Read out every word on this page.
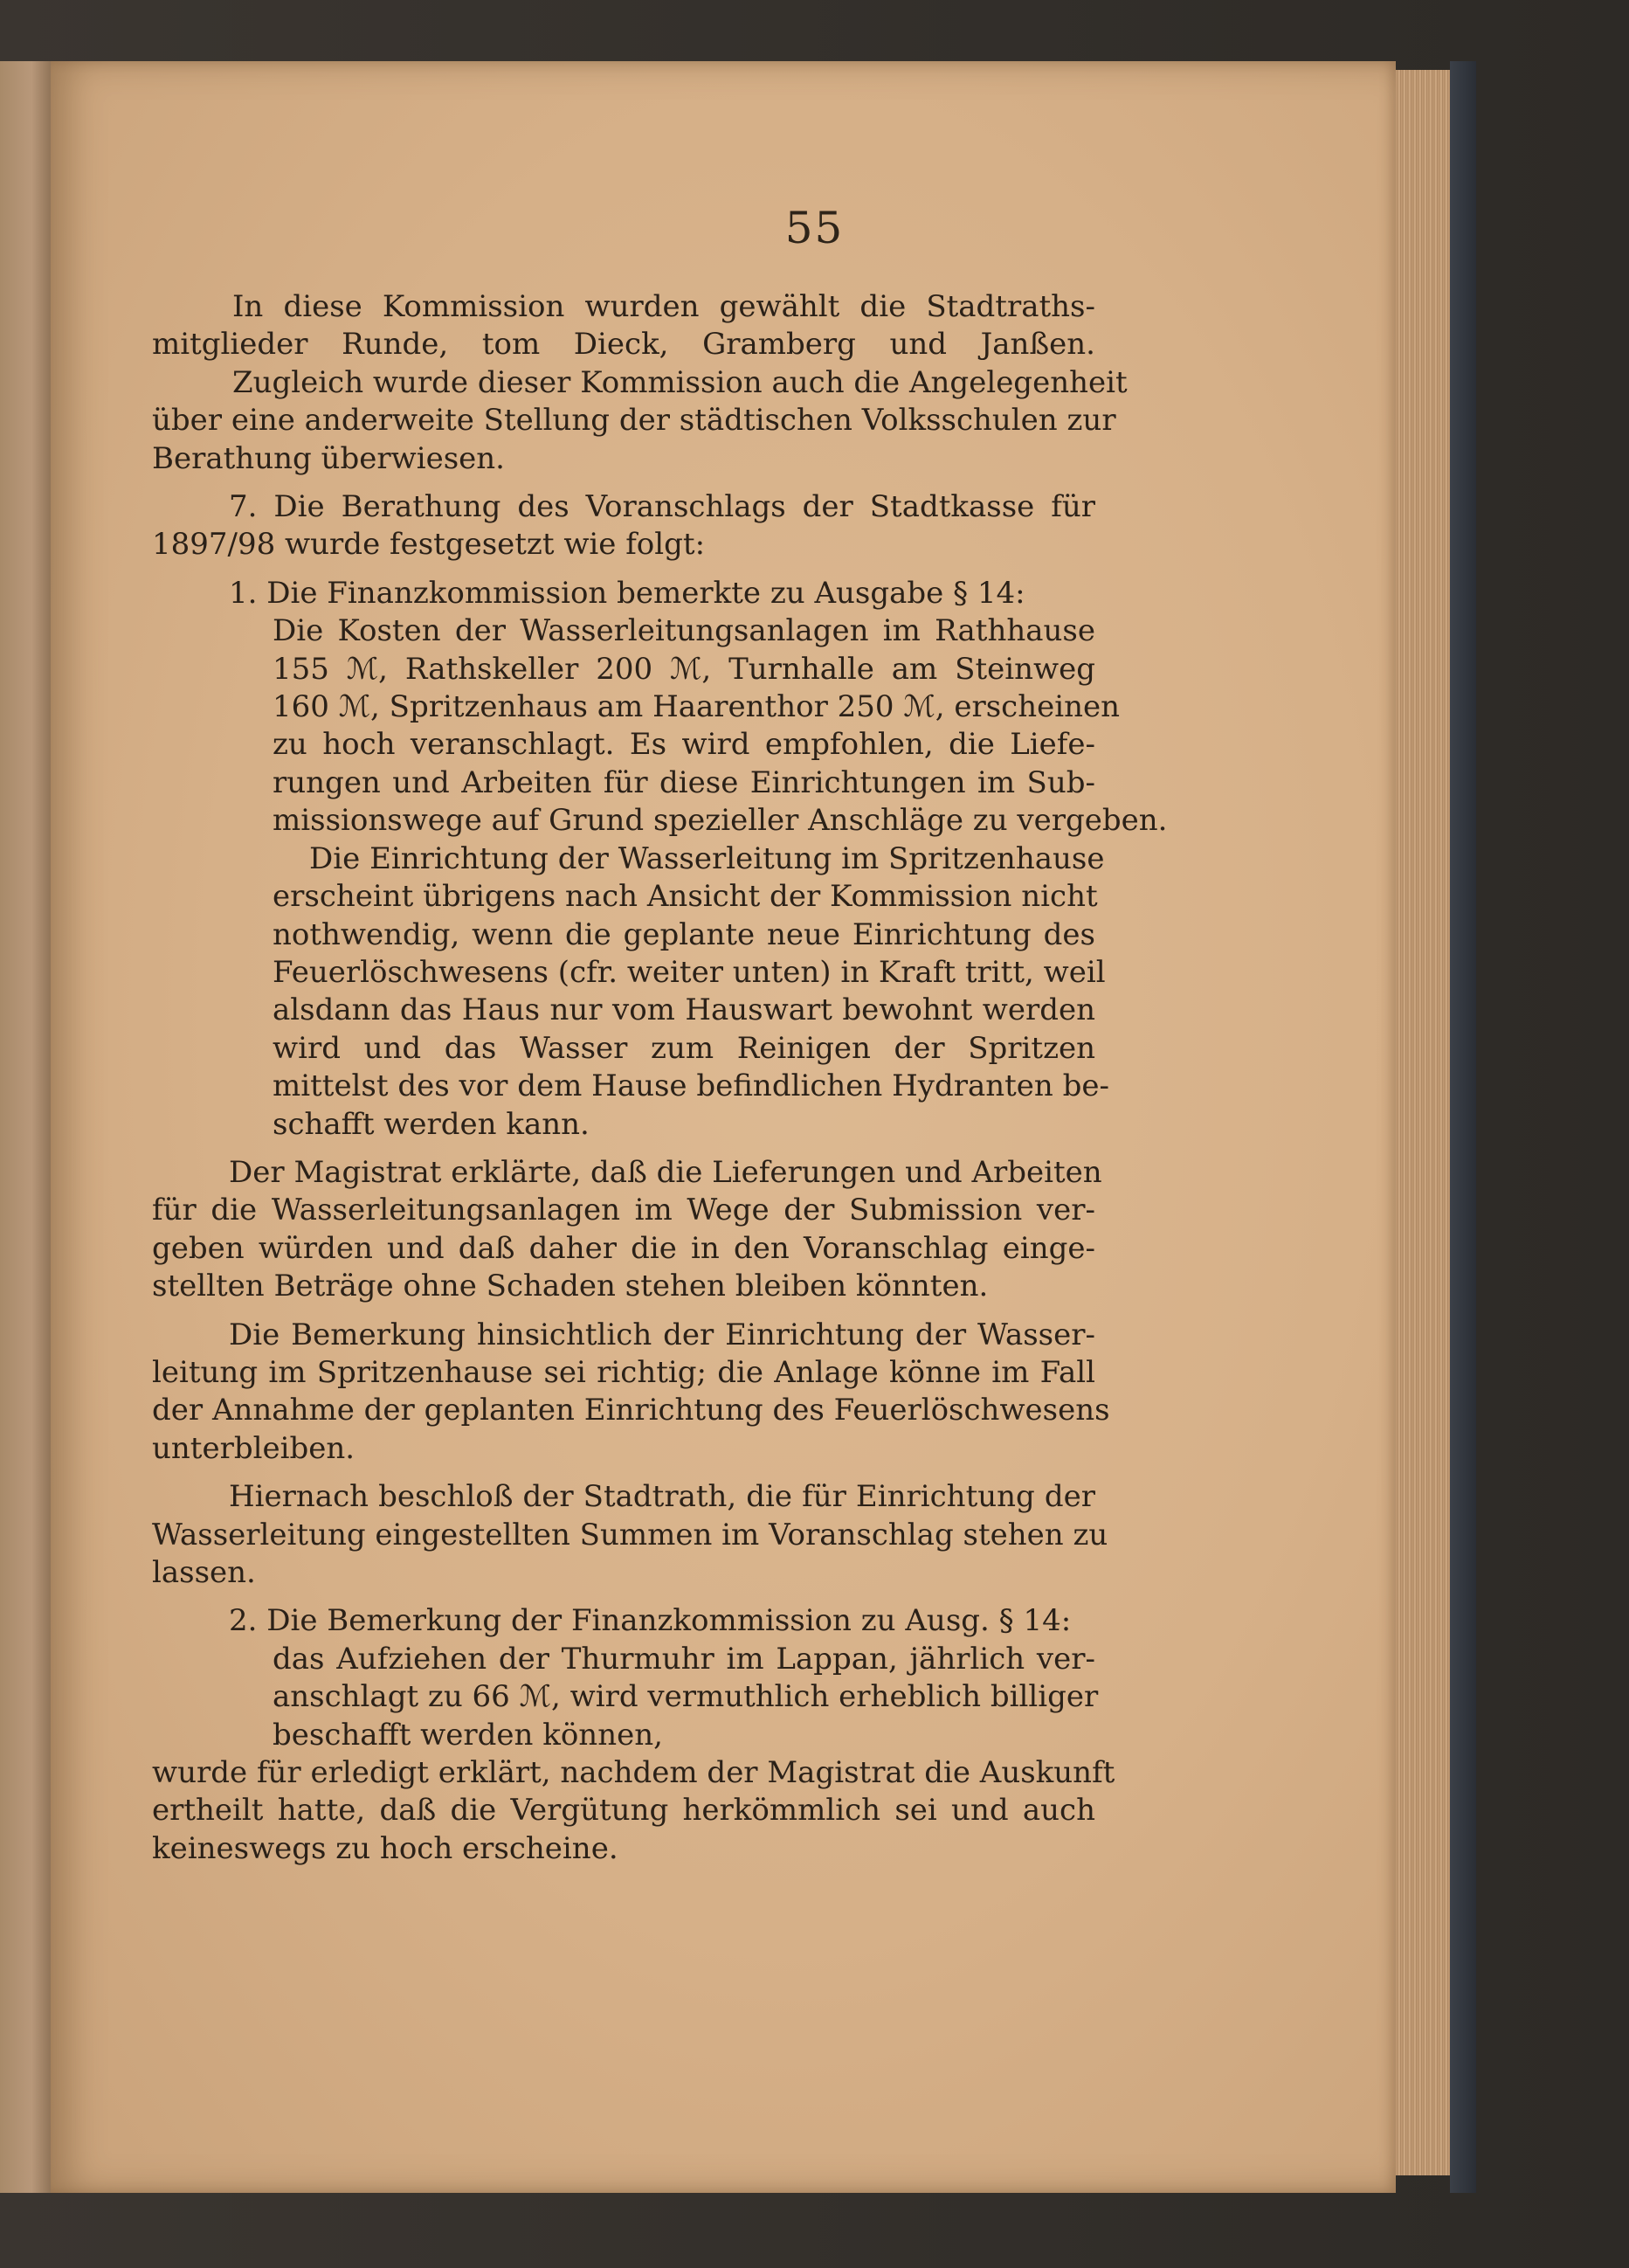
55
In diese Kommission wurden gewählt die Stadtraths-
mitglieder Runde, tom Dieck, Gramberg und Janßen.
Zugleich wurde dieser Kommission auch die Angelegenheit
über eine anderweite Stellung der städtischen Volksschulen zur
Berathung überwiesen.
7. Die Berathung des Voranschlags der Stadtkasse für
1897/98 wurde festgesetzt wie folgt:
1. Die Finanzkommission bemerkte zu Ausgabe § 14:
Die Kosten der Wasserleitungsanlagen im Rathhause
155 ℳ, Rathskeller 200 ℳ, Turnhalle am Steinweg
160 ℳ, Spritzenhaus am Haarenthor 250 ℳ, erscheinen
zu hoch veranschlagt. Es wird empfohlen, die Liefe-
rungen und Arbeiten für diese Einrichtungen im Sub-
missionswege auf Grund spezieller Anschläge zu vergeben.
Die Einrichtung der Wasserleitung im Spritzenhause
erscheint übrigens nach Ansicht der Kommission nicht
nothwendig, wenn die geplante neue Einrichtung des
Feuerlöschwesens (cfr. weiter unten) in Kraft tritt, weil
alsdann das Haus nur vom Hauswart bewohnt werden
wird und das Wasser zum Reinigen der Spritzen
mittelst des vor dem Hause befindlichen Hydranten be-
schafft werden kann.
Der Magistrat erklärte, daß die Lieferungen und Arbeiten
für die Wasserleitungsanlagen im Wege der Submission ver-
geben würden und daß daher die in den Voranschlag einge-
stellten Beträge ohne Schaden stehen bleiben könnten.
Die Bemerkung hinsichtlich der Einrichtung der Wasser-
leitung im Spritzenhause sei richtig; die Anlage könne im Fall
der Annahme der geplanten Einrichtung des Feuerlöschwesens
unterbleiben.
Hiernach beschloß der Stadtrath, die für Einrichtung der
Wasserleitung eingestellten Summen im Voranschlag stehen zu
lassen.
2. Die Bemerkung der Finanzkommission zu Ausg. § 14:
das Aufziehen der Thurmuhr im Lappan, jährlich ver-
anschlagt zu 66 ℳ, wird vermuthlich erheblich billiger
beschafft werden können,
wurde für erledigt erklärt, nachdem der Magistrat die Auskunft
ertheilt hatte, daß die Vergütung herkömmlich sei und auch
keineswegs zu hoch erscheine.
